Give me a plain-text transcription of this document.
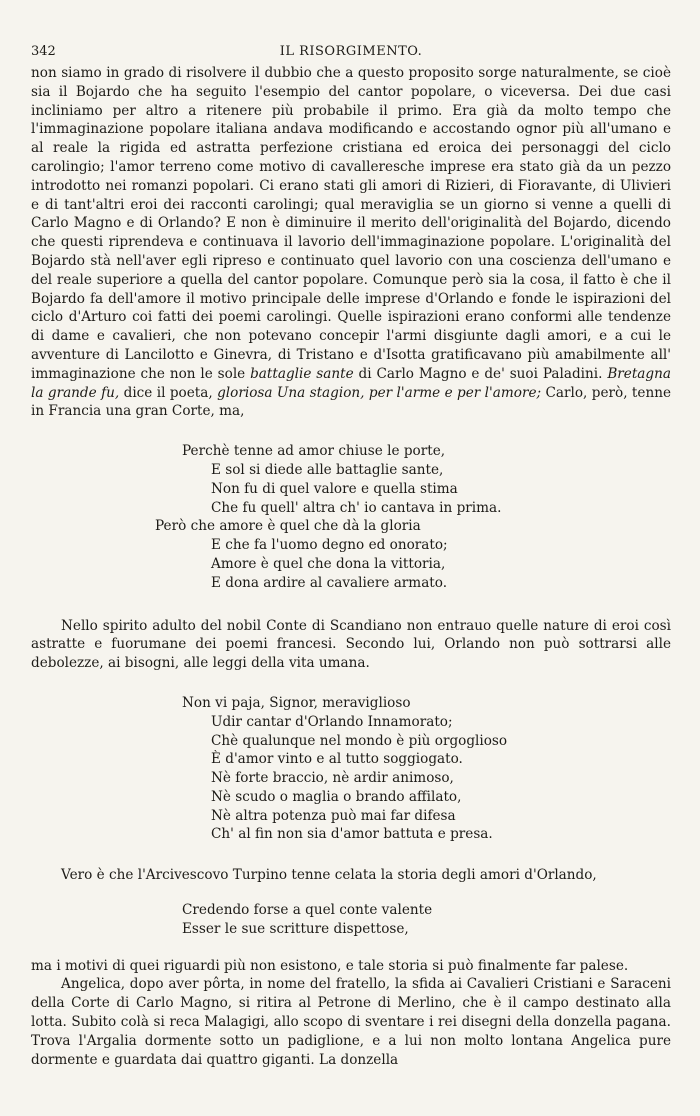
342	IL RISORGIMENTO.

non siamo in grado di risolvere il dubbio che a questo proposito sorge naturalmente, se cioè sia il Bojardo che ha seguito l'esempio del cantor popolare, o viceversa. Dei due casi incliniamo per altro a ritenere più probabile il primo. Era già da molto tempo che l'immaginazione popolare italiana andava modificando e accostando ognor più all'umano e al reale la rigida ed astratta perfezione cristiana ed eroica dei personaggi del ciclo carolingio; l'amor terreno come motivo di cavalleresche imprese era stato già da un pezzo introdotto nei romanzi popolari. Ci erano stati gli amori di Rizieri, di Fioravante, di Ulivieri e di tant'altri eroi dei racconti carolingi; qual meraviglia se un giorno si venne a quelli di Carlo Magno e di Orlando? E non è diminuire il merito dell'originalità del Bojardo, dicendo che questi riprendeva e continuava il lavorio dell'immaginazione popolare. L'originalità del Bojardo stà nell'aver egli ripreso e continuato quel lavorio con una coscienza dell'umano e del reale superiore a quella del cantor popolare. Comunque però sia la cosa, il fatto è che il Bojardo fa dell'amore il motivo principale delle imprese d'Orlando e fonde le ispirazioni del ciclo d'Arturo coi fatti dei poemi carolingi. Quelle ispirazioni erano conformi alle tendenze di dame e cavalieri, che non potevano concepir l'armi disgiunte dagli amori, e a cui le avventure di Lancilotto e Ginevra, di Tristano e d'Isotta gratificavano più amabilmente all' immaginazione che non le sole battaglie sante di Carlo Magno e de' suoi Paladini. Bretagna la grande fu, dice il poeta, gloriosa Una stagion, per l'arme e per l'amore; Carlo, però, tenne in Francia una gran Corte, ma,

Perchè tenne ad amor chiuse le porte,
E sol si diede alle battaglie sante,
Non fu di quel valore e quella stima
Che fu quell' altra ch' io cantava in prima.
Però che amore è quel che dà la gloria
E che fa l'uomo degno ed onorato;
Amore è quel che dona la vittoria,
E dona ardire al cavaliere armato.

Nello spirito adulto del nobil Conte di Scandiano non entrauo quelle nature di eroi così astratte e fuorumane dei poemi francesi. Secondo lui, Orlando non può sottrarsi alle debolezze, ai bisogni, alle leggi della vita umana.

Non vi paja, Signor, meraviglioso
Udir cantar d'Orlando Innamorato;
Chè qualunque nel mondo è più orgoglioso
È d'amor vinto e al tutto soggiogato.
Nè forte braccio, nè ardir animoso,
Nè scudo o maglia o brando affilato,
Nè altra potenza può mai far difesa
Ch' al fin non sia d'amor battuta e presa.

Vero è che l'Arcivescovo Turpino tenne celata la storia degli amori d'Orlando,

Credendo forse a quel conte valente
Esser le sue scritture dispettose,

ma i motivi di quei riguardi più non esistono, e tale storia si può finalmente far palese.

Angelica, dopo aver pôrta, in nome del fratello, la sfida ai Cavalieri Cristiani e Saraceni della Corte di Carlo Magno, si ritira al Petrone di Merlino, che è il campo destinato alla lotta. Subito colà si reca Malagigi, allo scopo di sventare i rei disegni della donzella pagana. Trova l'Argalia dormente sotto un padiglione, e a lui non molto lontana Angelica pure dormente e guardata dai quattro giganti. La donzella
